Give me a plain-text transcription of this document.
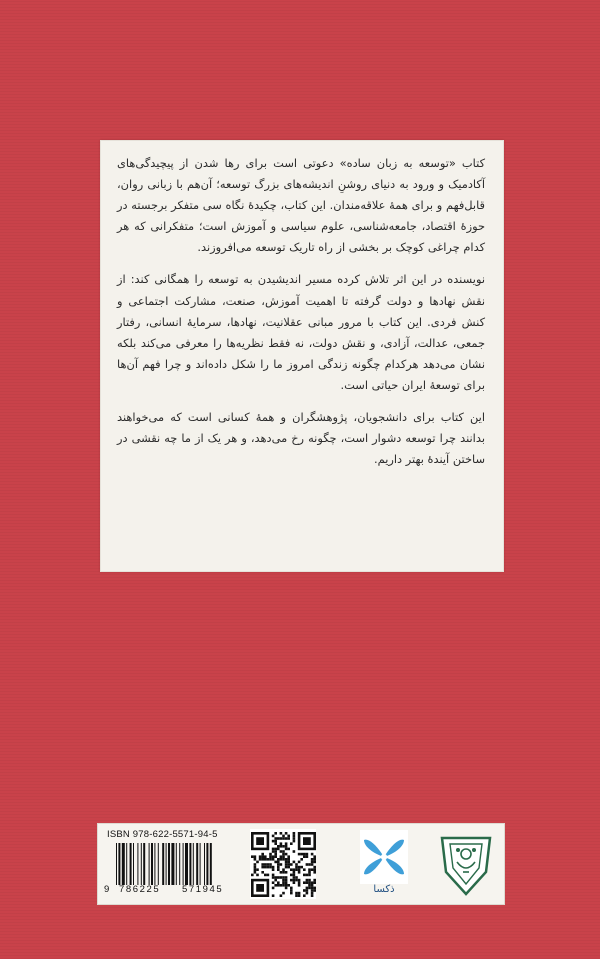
کتاب «توسعه به زبان ساده» دعوتی است برای رها شدن از پیچیدگی‌های آکادمیک و ورود به دنیای روشنِ اندیشه‌های بزرگ توسعه؛ آن‌هم با زبانی روان، قابل‌فهم و برای همهٔ علاقه‌مندان. این کتاب، چکیدهٔ نگاه سی متفکر برجسته در حوزهٔ اقتصاد، جامعه‌شناسی، علوم سیاسی و آموزش است؛ متفکرانی که هر کدام چراغی کوچک بر بخشی از راه تاریک توسعه می‌افروزند.

نویسنده در این اثر تلاش کرده مسیر اندیشیدن به توسعه را همگانی کند: از نقش نهادها و دولت گرفته تا اهمیت آموزش، صنعت، مشارکت اجتماعی و کنش فردی. این کتاب با مرور مبانی عقلانیت، نهادها، سرمایهٔ انسانی، رفتار جمعی، عدالت، آزادی، و نقش دولت، نه فقط نظریه‌ها را معرفی می‌کند بلکه نشان می‌دهد هرکدام چگونه زندگی امروز ما را شکل داده‌اند و چرا فهم آن‌ها برای توسعهٔ ایران حیاتی است.

این کتاب برای دانشجویان، پژوهشگران و همهٔ کسانی است که می‌خواهند بدانند چرا توسعه دشوار است، چگونه رخ می‌دهد، و هر یک از ما چه نقشی در ساختن آیندهٔ بهتر داریم.

ISBN 978-622-5571-94-5
9 786225 571945	ذکسا
